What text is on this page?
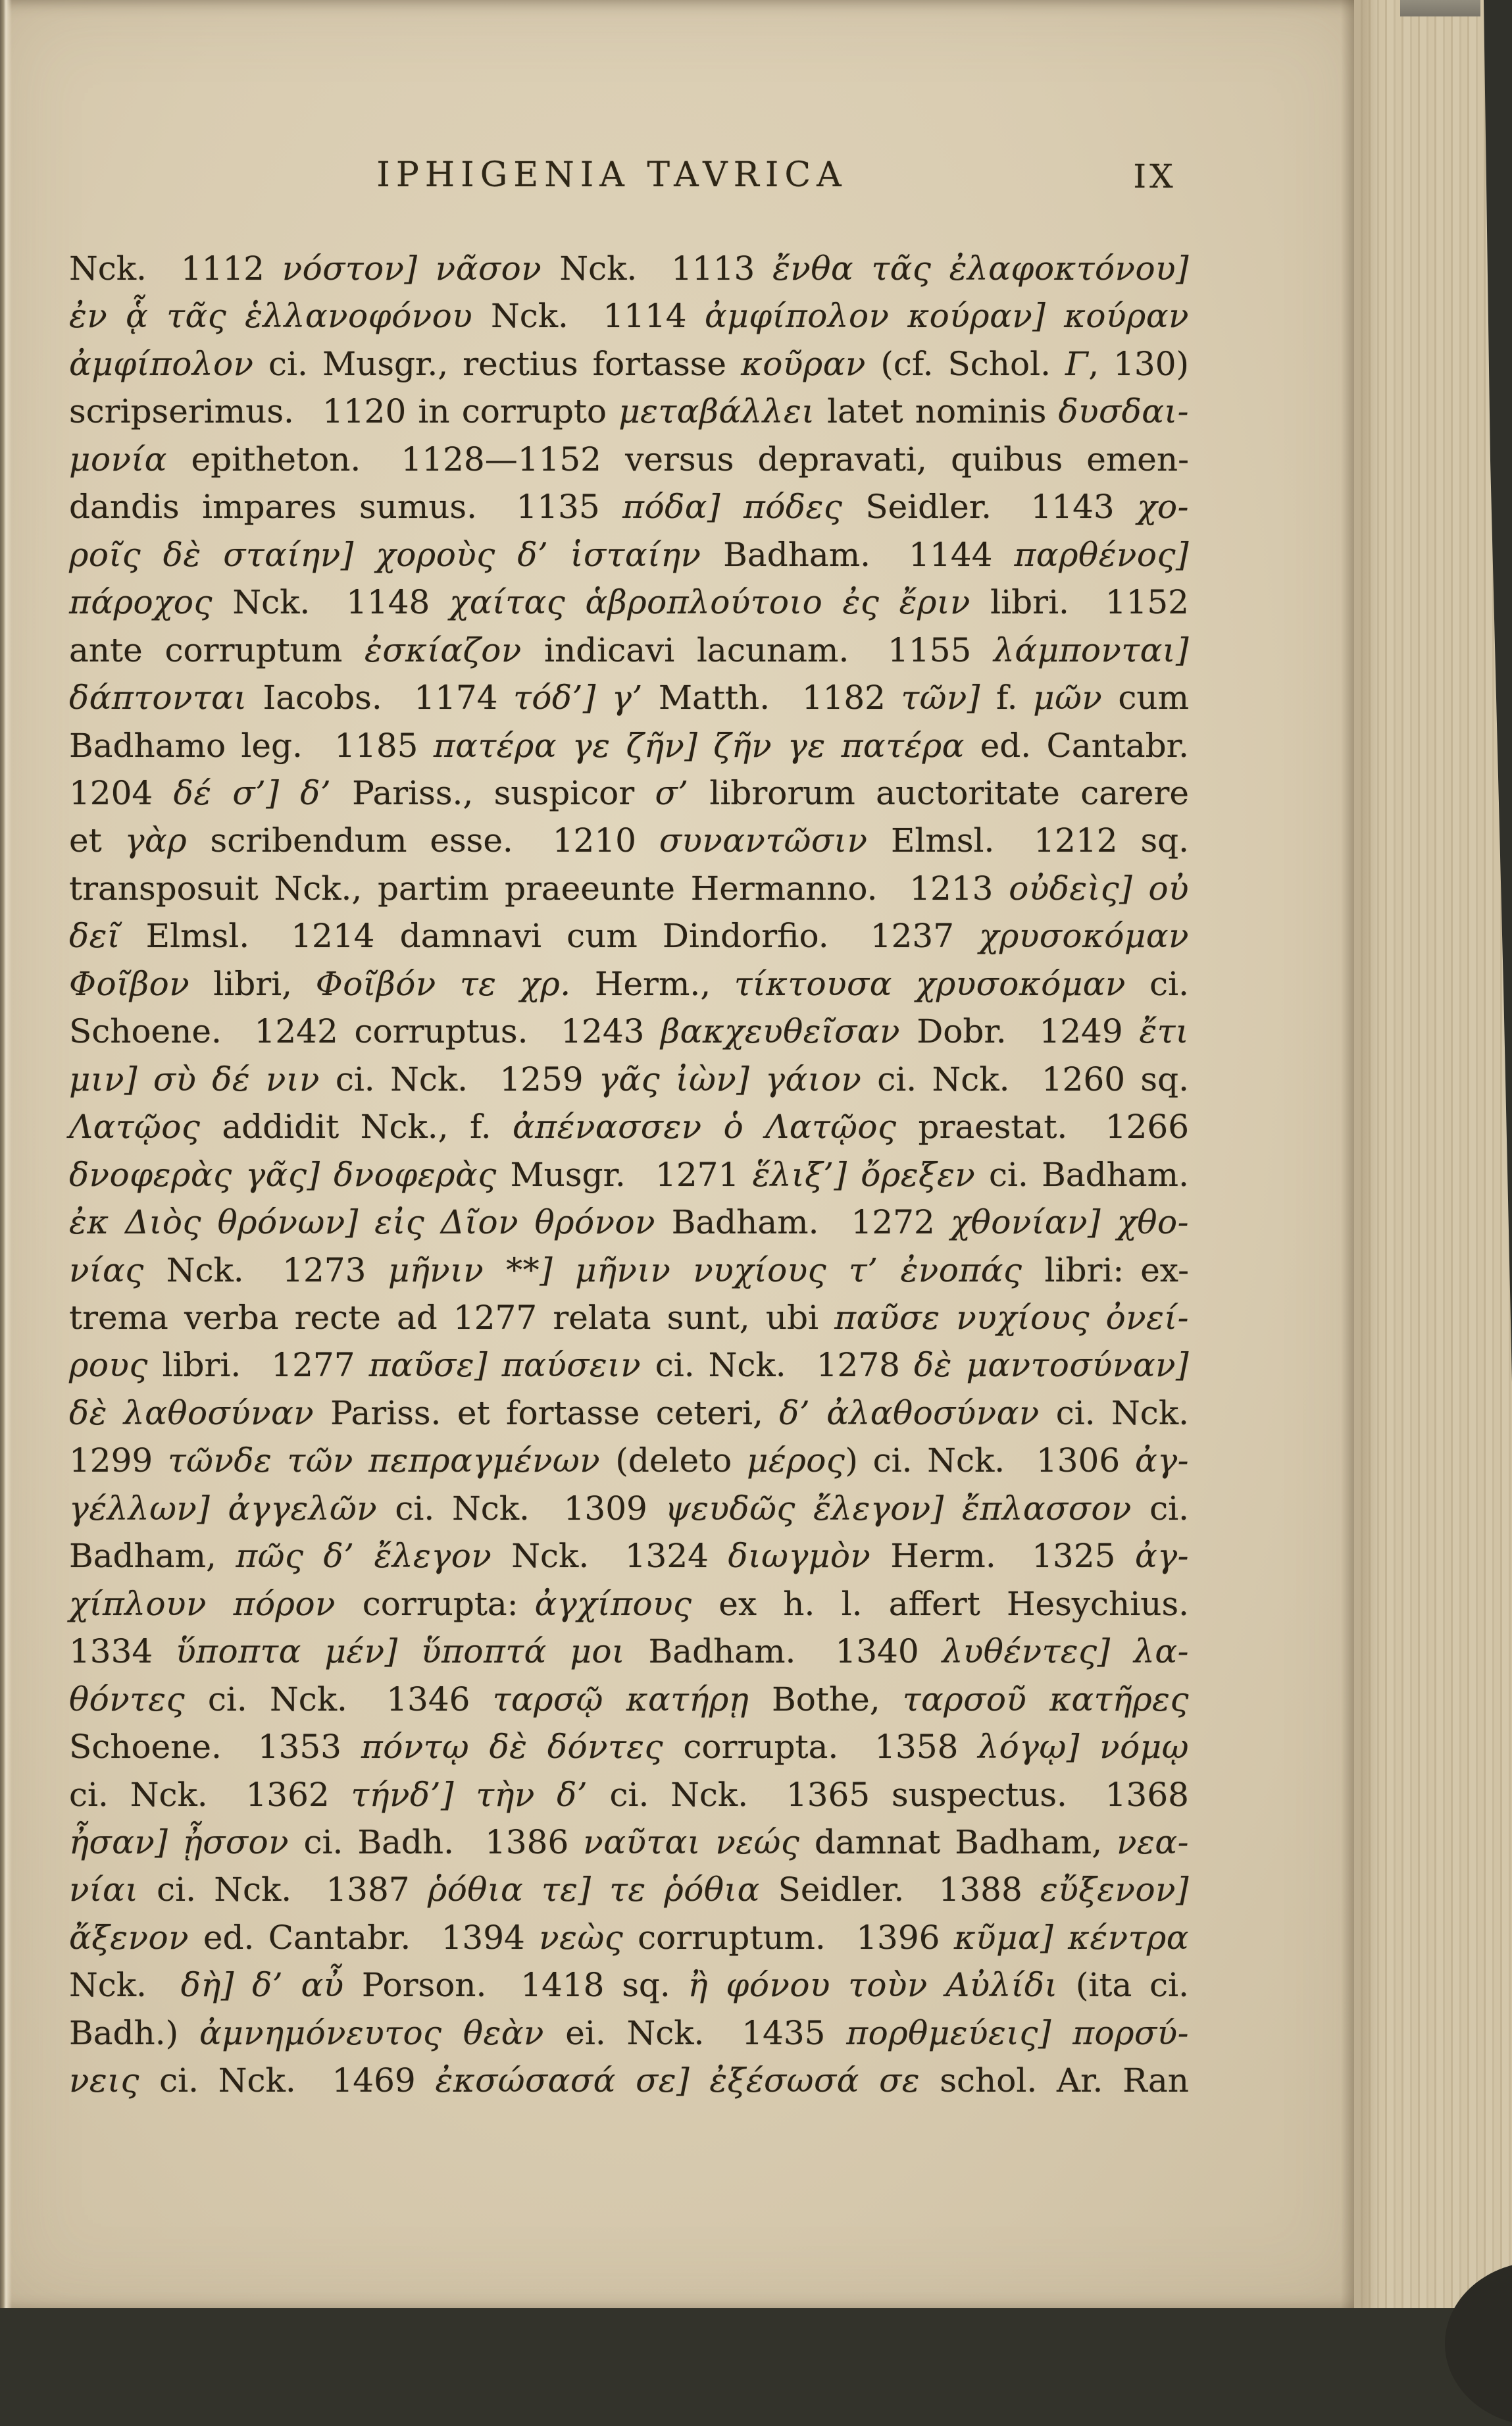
IPHIGENIA TAVRICA	IX
Nck.  1112 νόστον] νᾶσον Nck.  1113 ἔνθα τᾶς ἐλαφοκτόνου]
ἐν ᾇ τᾶς ἑλλανοφόνου Nck.  1114 ἀμφίπολον κούραν] κούραν
ἀμφίπολον ci. Musgr., rectius fortasse κοῦραν (cf. Schol. Γ, 130)
scripserimus.  1120 in corrupto μεταβάλλει latet nominis δυσδαι-
μονία epitheton.  1128—1152 versus depravati, quibus emen-
dandis impares sumus.  1135 πόδα] πόδες Seidler.  1143 χο-
ροῖς δὲ σταίην] χοροὺς δ’ ἱσταίην Badham.  1144 παρθένος]
πάροχος Nck.  1148 χαίτας ἁβροπλούτοιο ἐς ἔριν libri.  1152
ante corruptum ἐσκίαζον indicavi lacunam.  1155 λάμπονται]
δάπτονται Iacobs.  1174 τόδ’] γ’ Matth.  1182 τῶν] f. μῶν cum
Badhamo leg.  1185 πατέρα γε ζῆν] ζῆν γε πατέρα ed. Cantabr.
1204 δέ σ’] δ’ Pariss., suspicor σ’ librorum auctoritate carere
et γὰρ scribendum esse.  1210 συναντῶσιν Elmsl.  1212 sq.
transposuit Nck., partim praeeunte Hermanno.  1213 οὐδεὶς] οὐ
δεῖ Elmsl.  1214 damnavi cum Dindorfio.  1237 χρυσοκόμαν
Φοῖβον libri, Φοῖβόν τε χρ. Herm., τίκτουσα χρυσοκόμαν ci.
Schoene.  1242 corruptus.  1243 βακχευθεῖσαν Dobr.  1249 ἔτι
μιν] σὺ δέ νιν ci. Nck.  1259 γᾶς ἰὼν] γάιον ci. Nck.  1260 sq.
Λατῷος addidit Nck., f. ἀπένασσεν ὁ Λατῷος praestat.  1266
δνοφερὰς γᾶς] δνοφερὰς Musgr.  1271 ἕλιξ’] ὄρεξεν ci. Badham.
ἐκ Διὸς θρόνων] εἰς Δῖον θρόνον Badham.  1272 χθονίαν] χθο-
νίας Nck.  1273 μῆνιν **] μῆνιν νυχίους τ’ ἐνοπάς libri: ex-
trema verba recte ad 1277 relata sunt, ubi παῦσε νυχίους ὀνεί-
ρους libri.  1277 παῦσε] παύσειν ci. Nck.  1278 δὲ μαντοσύναν]
δὲ λαθοσύναν Pariss. et fortasse ceteri, δ’ ἀλαθοσύναν ci. Nck.
1299 τῶνδε τῶν πεπραγμένων (deleto μέρος) ci. Nck.  1306 ἀγ-
γέλλων] ἀγγελῶν ci. Nck.  1309 ψευδῶς ἔλεγον] ἔπλασσον ci.
Badham, πῶς δ’ ἔλεγον Nck.  1324 διωγμὸν Herm.  1325 ἀγ-
χίπλουν πόρον corrupta: ἀγχίπους ex h. l. affert Hesychius.
1334 ὕποπτα μέν] ὕποπτά μοι Badham.  1340 λυθέντες] λα-
θόντες ci. Nck.  1346 ταρσῷ κατήρῃ Bothe, ταρσοῦ κατῆρες
Schoene.  1353 πόντῳ δὲ δόντες corrupta.  1358 λόγῳ] νόμῳ
ci. Nck.  1362 τήνδ’] τὴν δ’ ci. Nck.  1365 suspectus.  1368
ἦσαν] ᾖσσον ci. Badh.  1386 ναῦται νεώς damnat Badham, νεα-
νίαι ci. Nck.  1387 ῥόθια τε] τε ῥόθια Seidler.  1388 εὔξενον]
ἄξενον ed. Cantabr.  1394 νεὼς corruptum.  1396 κῦμα] κέντρα
Nck.  δὴ] δ’ αὖ Porson.  1418 sq. ἢ φόνου τοὺν Αὐλίδι (ita ci.
Badh.) ἀμνημόνευτος θεὰν ei. Nck.  1435 πορθμεύεις] πορσύ-
νεις ci. Nck.  1469 ἐκσώσασά σε] ἐξέσωσά σε schol. Ar. Ran
